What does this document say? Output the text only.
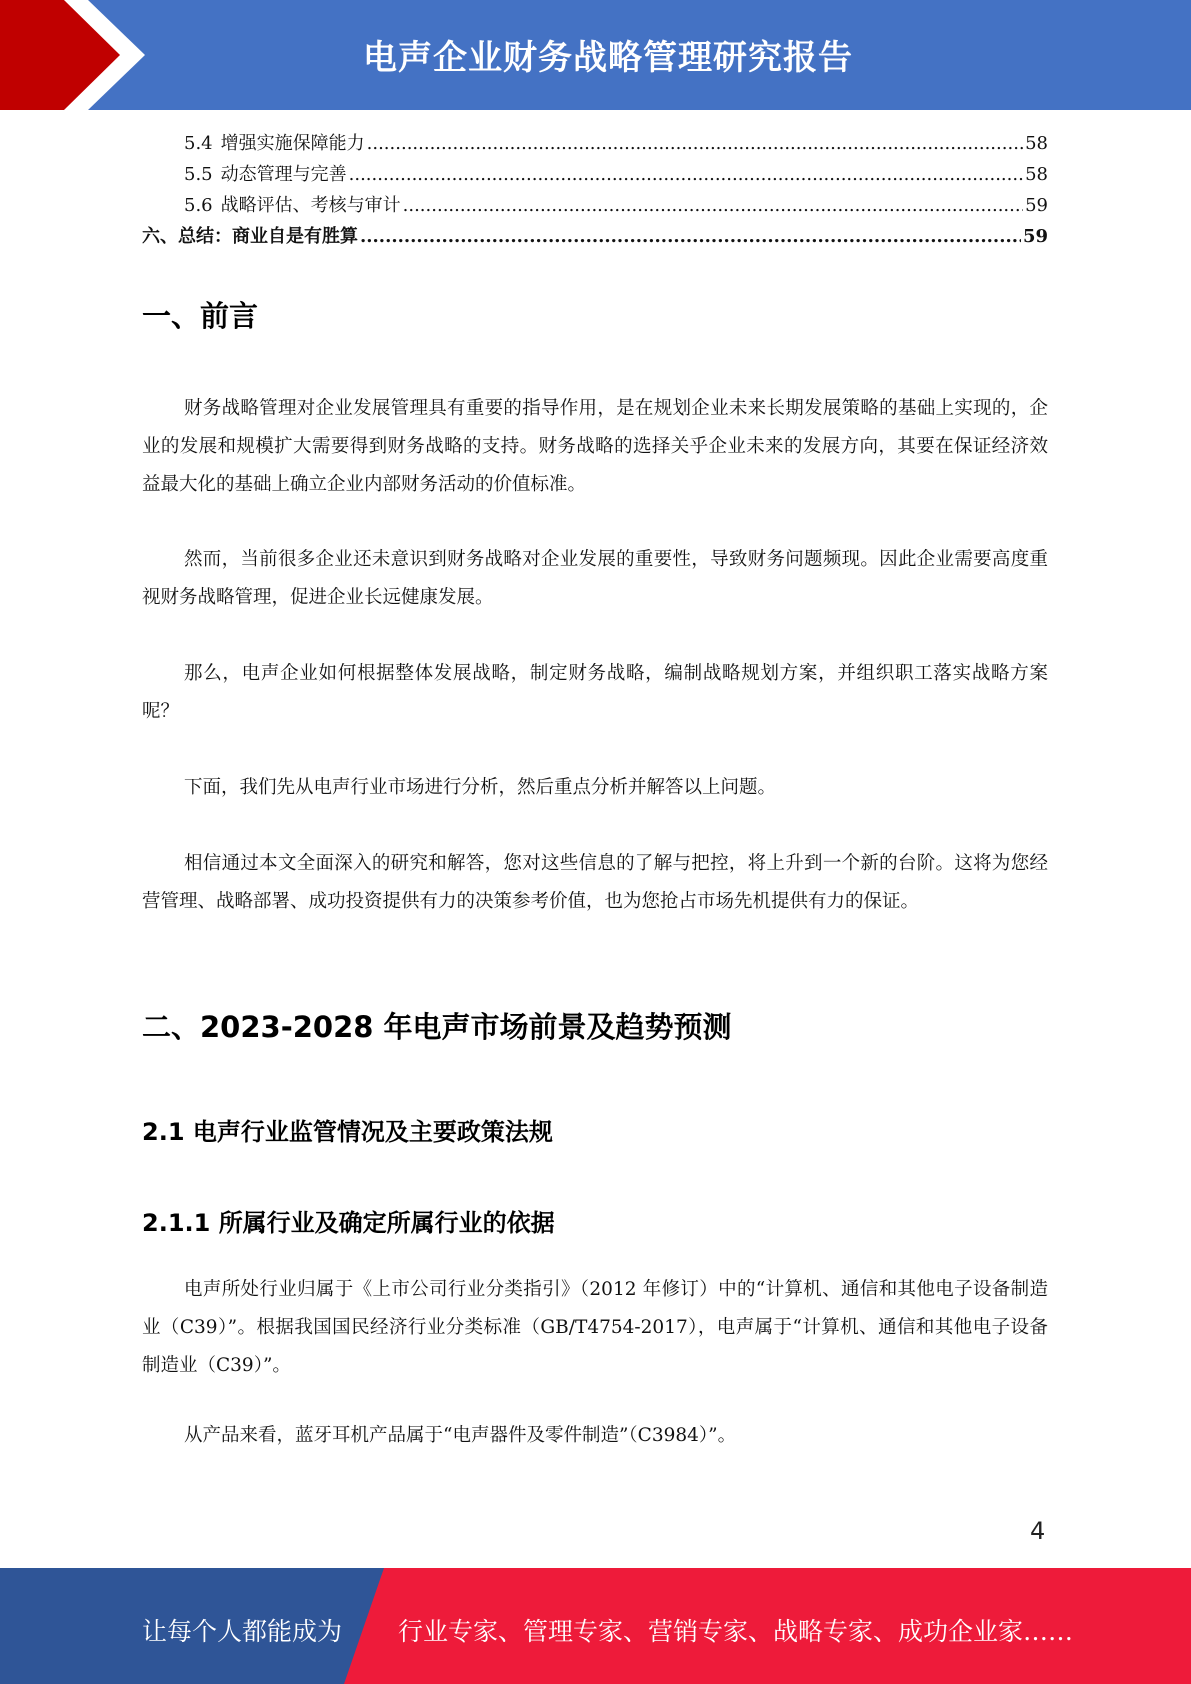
电声企业财务战略管理研究报告
5.4 增强实施保障能力 .....	58
5.5 动态管理与完善 .....	58
5.6 战略评估、考核与审计 .....	59
六、总结：商业自是有胜算 .....	59
一、前言

财务战略管理对企业发展管理具有重要的指导作用，是在规划企业未来长期发展策略的基础上实现的，企业的发展和规模扩大需要得到财务战略的支持。财务战略的选择关乎企业未来的发展方向，其要在保证经济效益最大化的基础上确立企业内部财务活动的价值标准。

然而，当前很多企业还未意识到财务战略对企业发展的重要性，导致财务问题频现。因此企业需要高度重视财务战略管理，促进企业长远健康发展。

那么，电声企业如何根据整体发展战略，制定财务战略，编制战略规划方案，并组织职工落实战略方案呢？

下面，我们先从电声行业市场进行分析，然后重点分析并解答以上问题。

相信通过本文全面深入的研究和解答，您对这些信息的了解与把控，将上升到一个新的台阶。这将为您经营管理、战略部署、成功投资提供有力的决策参考价值，也为您抢占市场先机提供有力的保证。

二、2023-2028 年电声市场前景及趋势预测
2.1 电声行业监管情况及主要政策法规
2.1.1 所属行业及确定所属行业的依据

电声所处行业归属于《上市公司行业分类指引》（2012 年修订）中的“计算机、通信和其他电子设备制造业（C39）”。根据我国国民经济行业分类标准（GB/T4754-2017），电声属于“计算机、通信和其他电子设备制造业（C39）”。

从产品来看，蓝牙耳机产品属于“电声器件及零件制造”（C3984）”。

4
让每个人都能成为 行业专家、管理专家、营销专家、战略专家、成功企业家……
